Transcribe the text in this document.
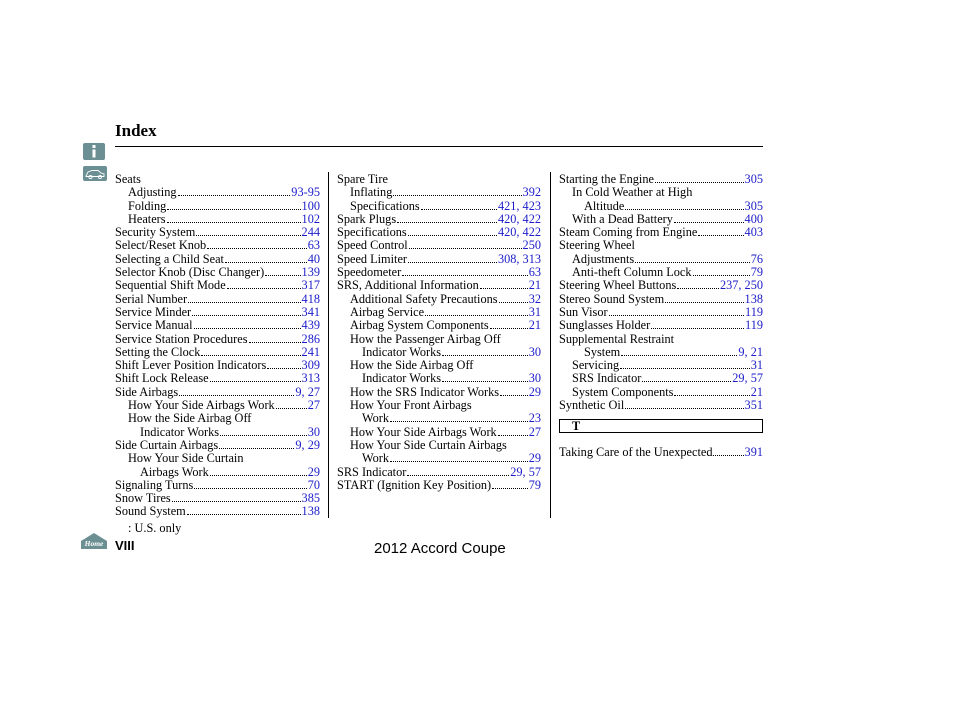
Index
Seats
Adjusting	93-95
Folding	100
Heaters	102
Security System	244
Select/Reset Knob	63
Selecting a Child Seat	40
Selector Knob (Disc Changer)	139
Sequential Shift Mode	317
Serial Number	418
Service Minder	341
Service Manual	439
Service Station Procedures	286
Setting the Clock	241
Shift Lever Position Indicators	309
Shift Lock Release	313
Side Airbags	9, 27
How Your Side Airbags Work	27
How the Side Airbag Off
Indicator Works	30
Side Curtain Airbags	9, 29
How Your Side Curtain
Airbags Work	29
Signaling Turns	70
Snow Tires	385
Sound System	138
Spare Tire
Inflating	392
Specifications	421, 423
Spark Plugs	420, 422
Specifications	420, 422
Speed Control	250
Speed Limiter	308, 313
Speedometer	63
SRS, Additional Information	21
Additional Safety Precautions	32
Airbag Service	31
Airbag System Components	21
How the Passenger Airbag Off
Indicator Works	30
How the Side Airbag Off
Indicator Works	30
How the SRS Indicator Works 29
How Your Front Airbags
Work	23
How Your Side Airbags Work	27
How Your Side Curtain Airbags
Work	29
SRS Indicator	29, 57
START (Ignition Key Position)	79
Starting the Engine	305
In Cold Weather at High
Altitude	305
With a Dead Battery	400
Steam Coming from Engine	403
Steering Wheel
Adjustments	76
Anti-theft Column Lock	79
Steering Wheel Buttons	237, 250
Stereo Sound System	138
Sun Visor	119
Sunglasses Holder	119
Supplemental Restraint
System	9, 21
Servicing	31
SRS Indicator	29, 57
System Components	21
Synthetic Oil	351
T
Taking Care of the Unexpected	391
: U.S. only
Home VIII	2012 Accord Coupe
